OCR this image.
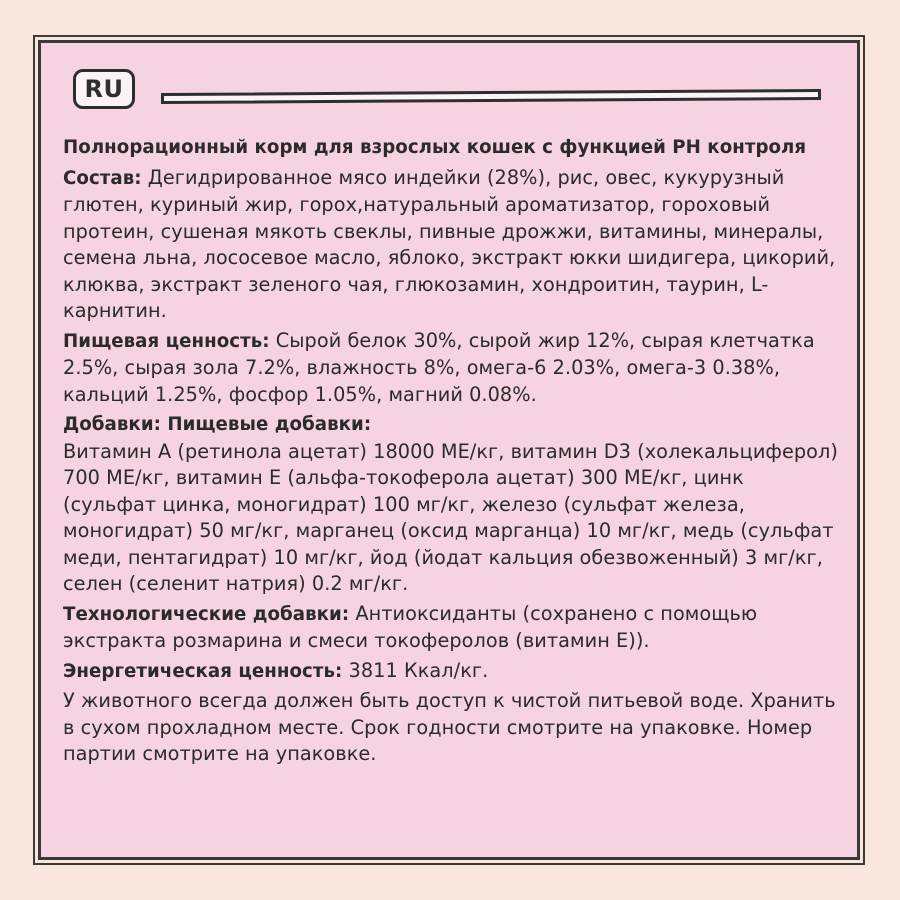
RU

Полнорационный корм для взрослых кошек с функцией РН контроля

Состав: Дегидрированное мясо индейки (28%), рис, овес, кукурузный глютен, куриный жир, горох,натуральный ароматизатор, гороховый протеин, сушеная мякоть свеклы, пивные дрожжи, витамины, минералы, семена льна, лососевое масло, яблоко, экстракт юкки шидигера, цикорий, клюква, экстракт зеленого чая, глюкозамин, хондроитин, таурин, L-карнитин.

Пищевая ценность: Сырой белок 30%, сырой жир 12%, сырая клетчатка 2.5%, сырая зола 7.2%, влажность 8%, омега-6 2.03%, омега-3 0.38%, кальций 1.25%, фосфор 1.05%, магний 0.08%.

Добавки: Пищевые добавки:
Витамин А (ретинола ацетат) 18000 МЕ/кг, витамин D3 (холекальциферол) 700 МЕ/кг, витамин Е (альфа-токоферола ацетат) 300 МЕ/кг, цинк (сульфат цинка, моногидрат) 100 мг/кг, железо (сульфат железа, моногидрат) 50 мг/кг, марганец (оксид марганца) 10 мг/кг, медь (сульфат меди, пентагидрат) 10 мг/кг, йод (йодат кальция обезвоженный) 3 мг/кг, селен (селенит натрия) 0.2 мг/кг.

Технологические добавки: Антиоксиданты (сохранено с помощью экстракта розмарина и смеси токоферолов (витамин Е)).

Энергетическая ценность: 3811 Ккал/кг.

У животного всегда должен быть доступ к чистой питьевой воде. Хранить в сухом прохладном месте. Срок годности смотрите на упаковке. Номер партии смотрите на упаковке.
